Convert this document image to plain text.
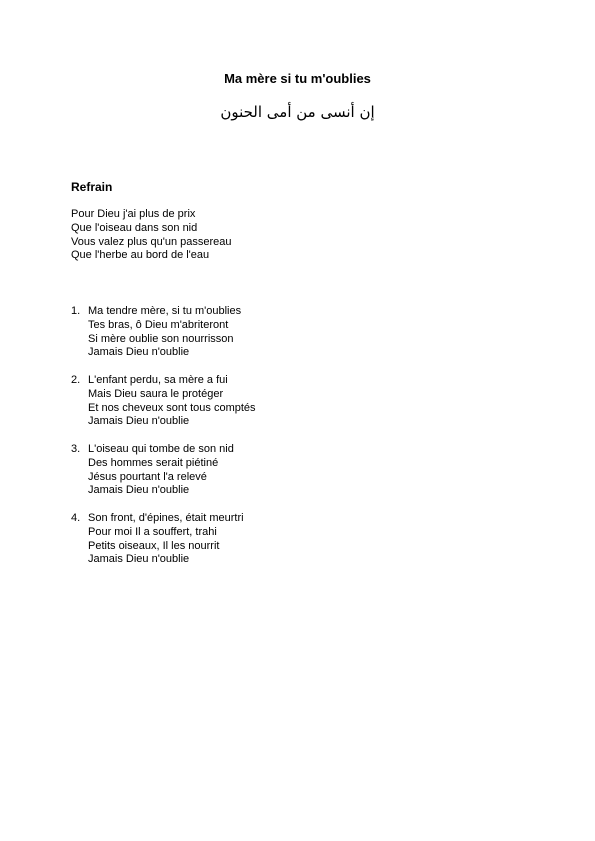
Ma mère si tu m'oublies
إن أنسى من أمى الحنون
Refrain
Pour Dieu j'ai plus de prix
Que l'oiseau dans son nid
Vous valez plus qu'un passereau
Que l'herbe au bord de l'eau
1. Ma tendre mère, si tu m'oublies
Tes bras, ô Dieu m'abriteront
Si mère oublie son nourrisson
Jamais Dieu n'oublie
2. L'enfant perdu, sa mère a fui
Mais Dieu saura le protéger
Et nos cheveux sont tous comptés
Jamais Dieu n'oublie
3. L'oiseau qui tombe de son nid
Des hommes serait piétiné
Jésus pourtant l'a relevé
Jamais Dieu n'oublie
4. Son front, d'épines, était meurtri
Pour moi Il a souffert, trahi
Petits oiseaux, Il les nourrit
Jamais Dieu n'oublie
